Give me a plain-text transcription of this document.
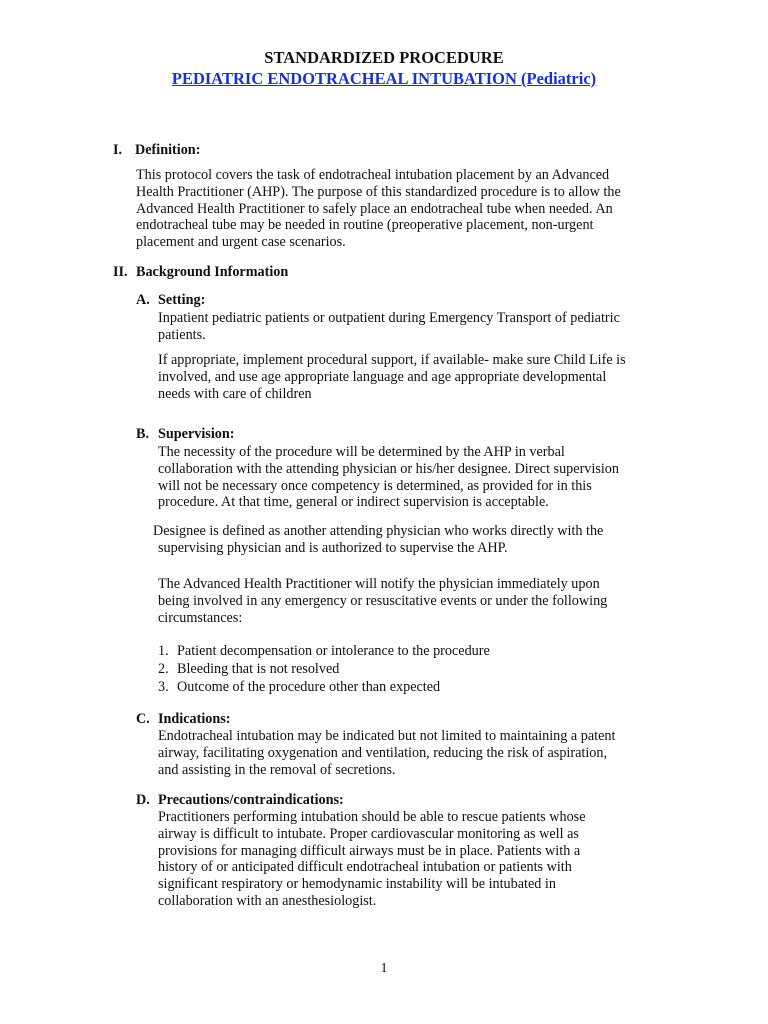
STANDARDIZED PROCEDURE
PEDIATRIC ENDOTRACHEAL INTUBATION (Pediatric)
I. Definition:
This protocol covers the task of endotracheal intubation placement by an Advanced
Health Practitioner (AHP). The purpose of this standardized procedure is to allow the
Advanced Health Practitioner to safely place an endotracheal tube when needed. An
endotracheal tube may be needed in routine (preoperative placement, non-urgent
placement and urgent case scenarios.
II. Background Information
A. Setting:
Inpatient pediatric patients or outpatient during Emergency Transport of pediatric
patients.
If appropriate, implement procedural support, if available- make sure Child Life is
involved, and use age appropriate language and age appropriate developmental
needs with care of children
B. Supervision:
The necessity of the procedure will be determined by the AHP in verbal
collaboration with the attending physician or his/her designee. Direct supervision
will not be necessary once competency is determined, as provided for in this
procedure. At that time, general or indirect supervision is acceptable.
Designee is defined as another attending physician who works directly with the
supervising physician and is authorized to supervise the AHP.
The Advanced Health Practitioner will notify the physician immediately upon
being involved in any emergency or resuscitative events or under the following
circumstances:
1. Patient decompensation or intolerance to the procedure
2. Bleeding that is not resolved
3. Outcome of the procedure other than expected
C. Indications:
Endotracheal intubation may be indicated but not limited to maintaining a patent
airway, facilitating oxygenation and ventilation, reducing the risk of aspiration,
and assisting in the removal of secretions.
D. Precautions/contraindications:
Practitioners performing intubation should be able to rescue patients whose
airway is difficult to intubate. Proper cardiovascular monitoring as well as
provisions for managing difficult airways must be in place. Patients with a
history of or anticipated difficult endotracheal intubation or patients with
significant respiratory or hemodynamic instability will be intubated in
collaboration with an anesthesiologist.
1
